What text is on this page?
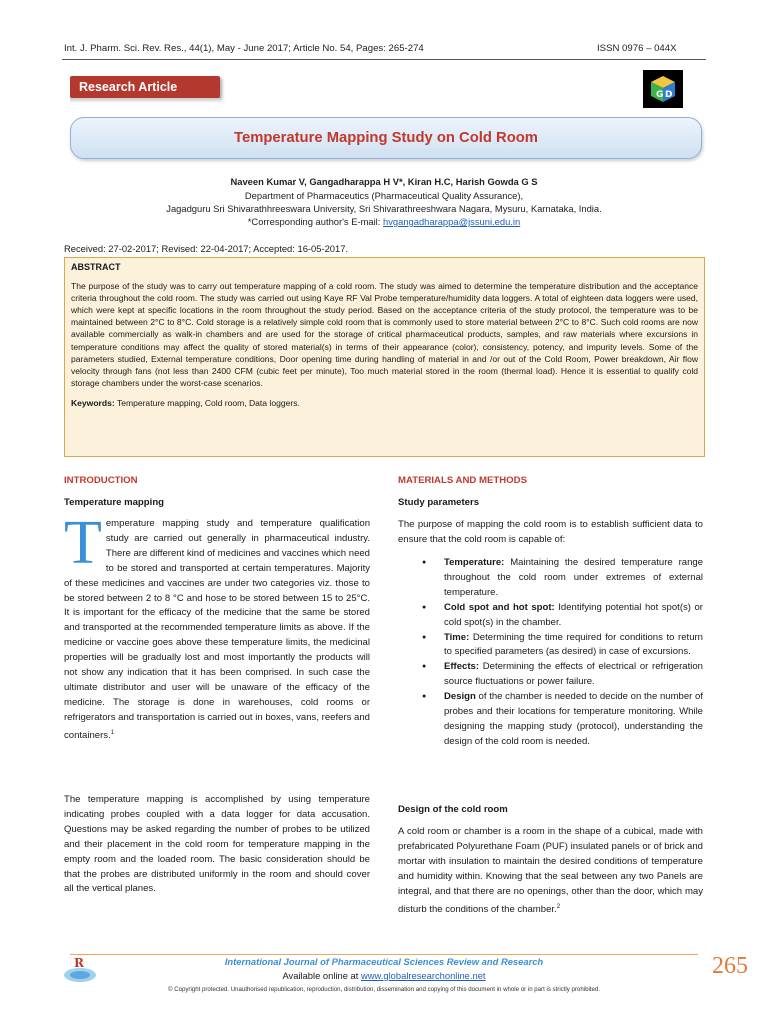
Int. J. Pharm. Sci. Rev. Res., 44(1), May - June 2017; Article No. 54, Pages: 265-274	ISSN 0976 – 044X
Research Article
G D
Temperature Mapping Study on Cold Room
Naveen Kumar V, Gangadharappa H V*, Kiran H.C, Harish Gowda G S
Department of Pharmaceutics (Pharmaceutical Quality Assurance),
Jagadguru Sri Shivarathhreeswara University, Sri Shivarathreeshwara Nagara, Mysuru, Karnataka, India.
*Corresponding author's E-mail: hvgangadharappa@jssuni.edu.in
Received: 27-02-2017; Revised: 22-04-2017; Accepted: 16-05-2017.
ABSTRACT
The purpose of the study was to carry out temperature mapping of a cold room. The study was aimed to determine the temperature distribution and the acceptance criteria throughout the cold room. The study was carried out using Kaye RF Val Probe temperature/humidity data loggers. A total of eighteen data loggers were used, which were kept at specific locations in the room throughout the study period. Based on the acceptance criteria of the study protocol, the temperature was to be maintained between 2°C to 8°C. Cold storage is a relatively simple cold room that is commonly used to store material between 2°C to 8°C. Such cold rooms are now available commercially as walk-in chambers and are used for the storage of critical pharmaceutical products, samples, and raw materials where excursions in temperature conditions may affect the quality of stored material(s) in terms of their appearance (color), consistency, potency, and impurity levels. Some of the parameters studied, External temperature conditions, Door opening time during handling of material in and /or out of the Cold Room, Power breakdown, Air flow velocity through fans (not less than 2400 CFM (cubic feet per minute), Too much material stored in the room (thermal load). Hence it is essential to qualify cold storage chambers under the worst-case scenarios.
Keywords: Temperature mapping, Cold room, Data loggers.
INTRODUCTION
Temperature mapping
T emperature mapping study and temperature qualification study are carried out generally in pharmaceutical industry. There are different kind of medicines and vaccines which need to be stored and transported at certain temperatures. Majority of these medicines and vaccines are under two categories viz. those to be stored between 2 to 8 °C and hose to be stored between 15 to 25°C. It is important for the efficacy of the medicine that the same be stored and transported at the recommended temperature limits as above. If the medicine or vaccine goes above these temperature limits, the medicinal properties will be gradually lost and most importantly the products will not show any indication that it has been comprised. In such case the ultimate distributor and user will be unaware of the efficacy of the medicine. The storage is done in warehouses, cold rooms or refrigerators and transportation is carried out in boxes, vans, reefers and containers.$^1$
The temperature mapping is accomplished by using temperature indicating probes coupled with a data logger for data accusation. Questions may be asked regarding the number of probes to be utilized and their placement in the cold room for temperature mapping in the empty room and the loaded room. The basic consideration should be that the probes are distributed uniformly in the room and should cover all the vertical planes.
MATERIALS AND METHODS
Study parameters
The purpose of mapping the cold room is to establish sufficient data to ensure that the cold room is capable of:
● Temperature: Maintaining the desired temperature range throughout the cold room under extremes of external temperature.
● Cold spot and hot spot: Identifying potential hot spot(s) or cold spot(s) in the chamber.
● Time: Determining the time required for conditions to return to specified parameters (as desired) in case of excursions.
● Effects: Determining the effects of electrical or refrigeration source fluctuations or power failure.
● Design of the chamber is needed to decide on the number of probes and their locations for temperature monitoring. While designing the mapping study (protocol), understanding the design of the cold room is needed.
Design of the cold room
A cold room or chamber is a room in the shape of a cubical, made with prefabricated Polyurethane Foam (PUF) insulated panels or of brick and mortar with insulation to maintain the desired conditions of temperature and humidity within. Knowing that the seal between any two Panels are integral, and that there are no openings, other than the door, which may disturb the conditions of the chamber.$^2$
R	International Journal of Pharmaceutical Sciences Review and Research
Available online at www.globalresearchonline.net
© Copyright protected. Unauthorised republication, reproduction, distribution, dissemination and copying of this document in whole or in part is strictly prohibited.
265
